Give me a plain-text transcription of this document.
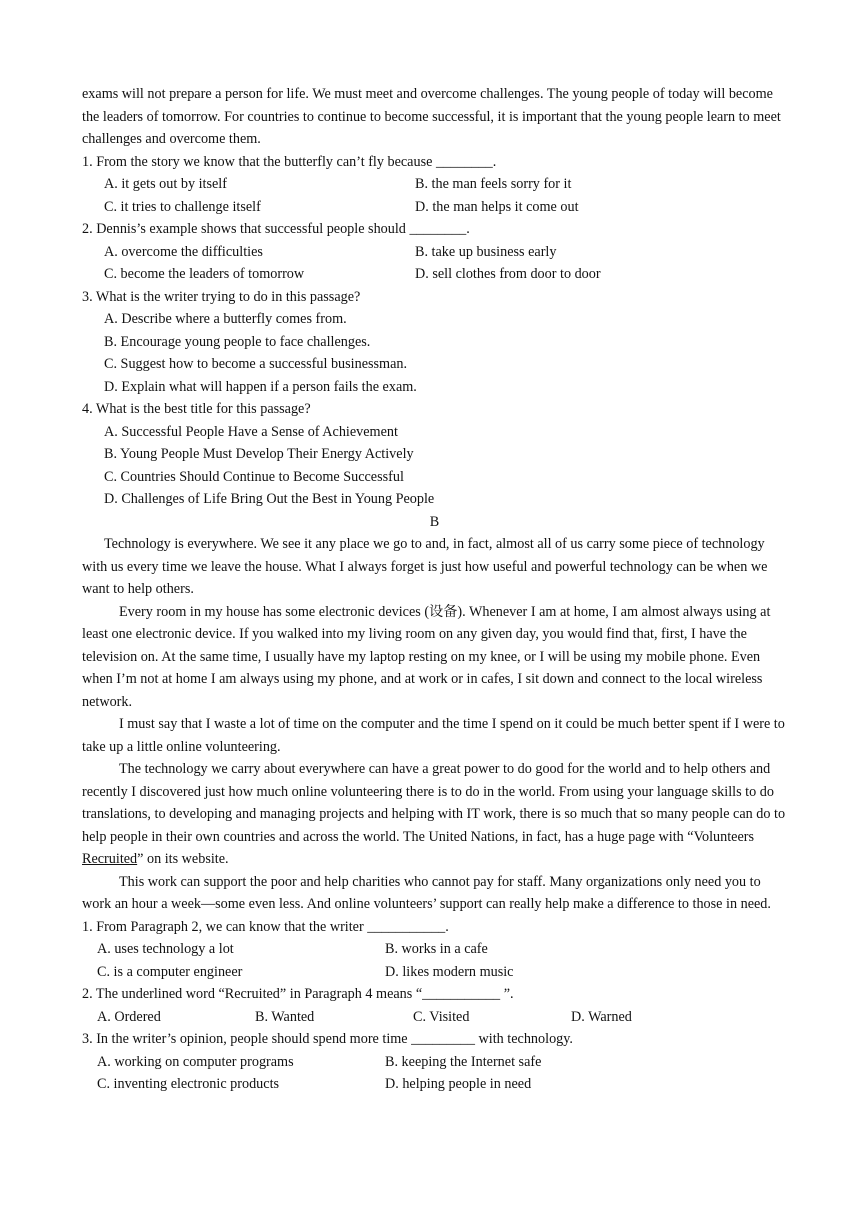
exams will not prepare a person for life. We must meet and overcome challenges. The young people of today will become the leaders of tomorrow. For countries to continue to become successful, it is important that the young people learn to meet challenges and overcome them.

1. From the story we know that the butterfly can’t fly because ________.

A. it gets out by itself	B. the man feels sorry for it
C. it tries to challenge itself	D. the man helps it come out

2. Dennis’s example shows that successful people should ________.

A. overcome the difficulties	B. take up business early
C. become the leaders of tomorrow	D. sell clothes from door to door

3. What is the writer trying to do in this passage?

A. Describe where a butterfly comes from.

B. Encourage young people to face challenges.

C. Suggest how to become a successful businessman.

D. Explain what will happen if a person fails the exam.

4. What is the best title for this passage?

A. Successful People Have a Sense of Achievement

B. Young People Must Develop Their Energy Actively

C. Countries Should Continue to Become Successful

D. Challenges of Life Bring Out the Best in Young People

B

Technology is everywhere. We see it any place we go to and, in fact, almost all of us carry some piece of technology with us every time we leave the house. What I always forget is just how useful and powerful technology can be when we want to help others.

Every room in my house has some electronic devices (设备). Whenever I am at home, I am almost always using at least one electronic device. If you walked into my living room on any given day, you would find that, first, I have the television on. At the same time, I usually have my laptop resting on my knee, or I will be using my mobile phone. Even when I’m not at home I am always using my phone, and at work or in cafes, I sit down and connect to the local wireless network.

I must say that I waste a lot of time on the computer and the time I spend on it could be much better spent if I were to take up a little online volunteering.

The technology we carry about everywhere can have a great power to do good for the world and to help others and recently I discovered just how much online volunteering there is to do in the world. From using your language skills to do translations, to developing and managing projects and helping with IT work, there is so much that so many people can do to help people in their own countries and across the world. The United Nations, in fact, has a huge page with “Volunteers Recruited” on its website.

This work can support the poor and help charities who cannot pay for staff. Many organizations only need you to work an hour a week—some even less. And online volunteers’ support can really help make a difference to those in need.

1. From Paragraph 2, we can know that the writer ___________.

A. uses technology a lot	B. works in a cafe
C. is a computer engineer	D. likes modern music

2. The underlined word “Recruited” in Paragraph 4 means “___________ ”.

A. Ordered	B. Wanted	C. Visited	D. Warned

3. In the writer’s opinion, people should spend more time _________ with technology.

A. working on computer programs	B. keeping the Internet safe
C. inventing electronic products	D. helping people in need
